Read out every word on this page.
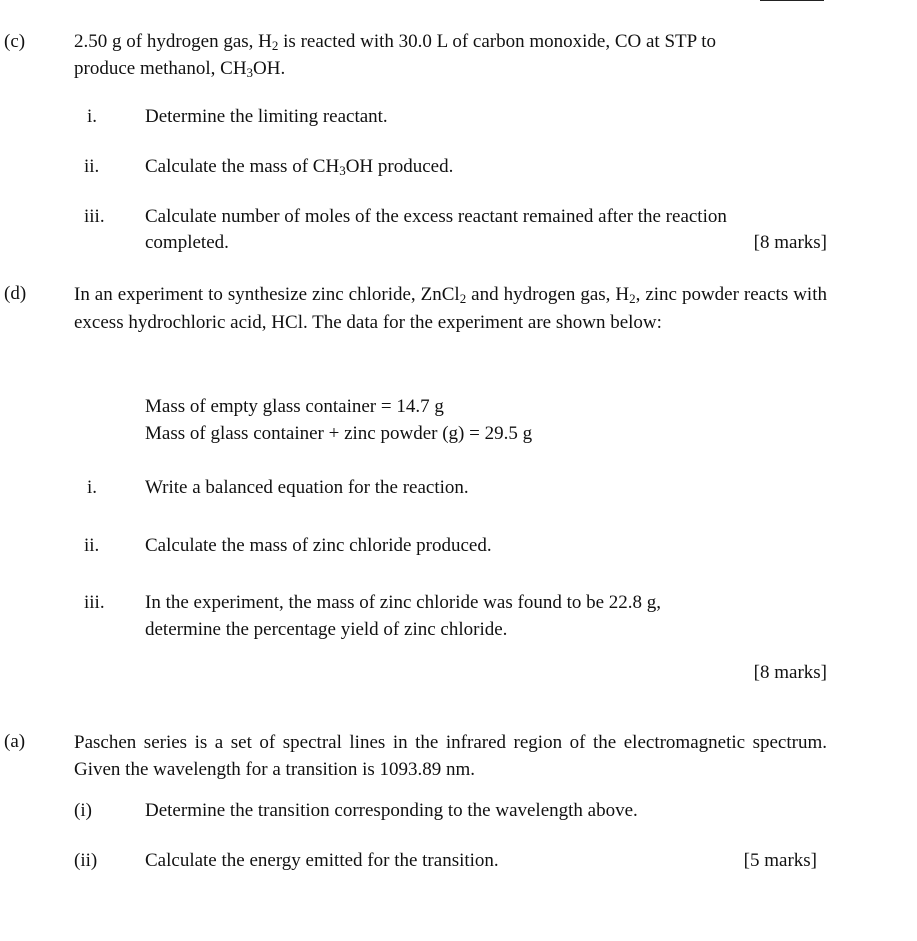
(c)	2.50 g of hydrogen gas, $H_2$ is reacted with 30.0 L of carbon monoxide, CO at STP to
produce methanol, $CH_3OH$.
i.	Determine the limiting reactant.
ii. Calculate the mass of $CH_3OH$ produced.
iii. Calculate number of moles of the excess reactant remained after the reaction
completed.	[8 marks]
(d)	In an experiment to synthesize zinc chloride, ZnCl$_2$ and hydrogen gas, $H_2$, zinc powder reacts with excess hydrochloric acid, HCl. The data for the experiment are shown below:
Mass of empty glass container = 14.7 g
Mass of glass container + zinc powder (g) = 29.5 g
i.	Write a balanced equation for the reaction.
ii. Calculate the mass of zinc chloride produced.
iii. In the experiment, the mass of zinc chloride was found to be 22.8 g,
determine the percentage yield of zinc chloride.
[8 marks]
(a)	Paschen series is a set of spectral lines in the infrared region of the electromagnetic spectrum. Given the wavelength for a transition is 1093.89 nm.
(i)	Determine the transition corresponding to the wavelength above.
(ii)	Calculate the energy emitted for the transition.	[5 marks]
